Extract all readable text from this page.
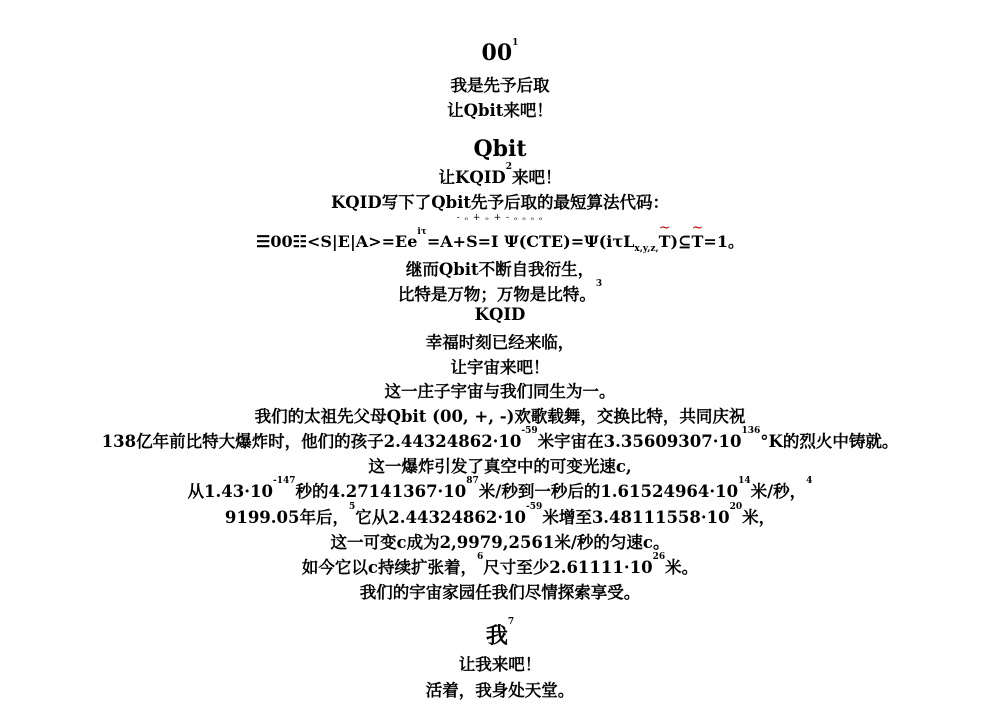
$00^1$
我是先予后取
让Qbit来吧！
Qbit
让KQID$^2$来吧！
KQID写下了Qbit先予后取的最短算法代码：
- ₒ + ₒ + - ₒ ₒ ₒ ₒ
$☰00☷<S|E|A>=Ee^{i\tau}=A+S=I$ Ψ(CTE)=Ψ(iτLx,y,z,
~
T)⊆
~
T=1。
继而Qbit不断自我衍生，
比特是万物；万物是比特。$^3$
KQID
幸福时刻已经来临，
让宇宙来吧！
这一庄子宇宙与我们同生为一。
我们的太祖先父母Qbit (00, +, -)欢歌载舞，交换比特，共同庆祝
138亿年前比特大爆炸时，他们的孩子$2.44324862\cdot 10^{-59}$米宇宙在$3.35609307\cdot 10^{136}^\circ K$的烈火中铸就。
这一爆炸引发了真空中的可变光速c,
从$1.43\cdot 10^{-147}$秒的$4.27141367\cdot 10^{87}$米/秒到一秒后的$1.61524964\cdot 10^{14}$米/秒，$^4$
9199.05年后，$^5$它从$2.44324862\cdot 10^{-59}$米增至$3.48111558\cdot 10^{20}$米，
这一可变c成为2,9979,2561米/秒的匀速c。
如今它以c持续扩张着，$^6$尺寸至少$2.61111\cdot 10^{26}$米。
我们的宇宙家园任我们尽情探索享受。
我$^7$
让我来吧！
活着，我身处天堂。
